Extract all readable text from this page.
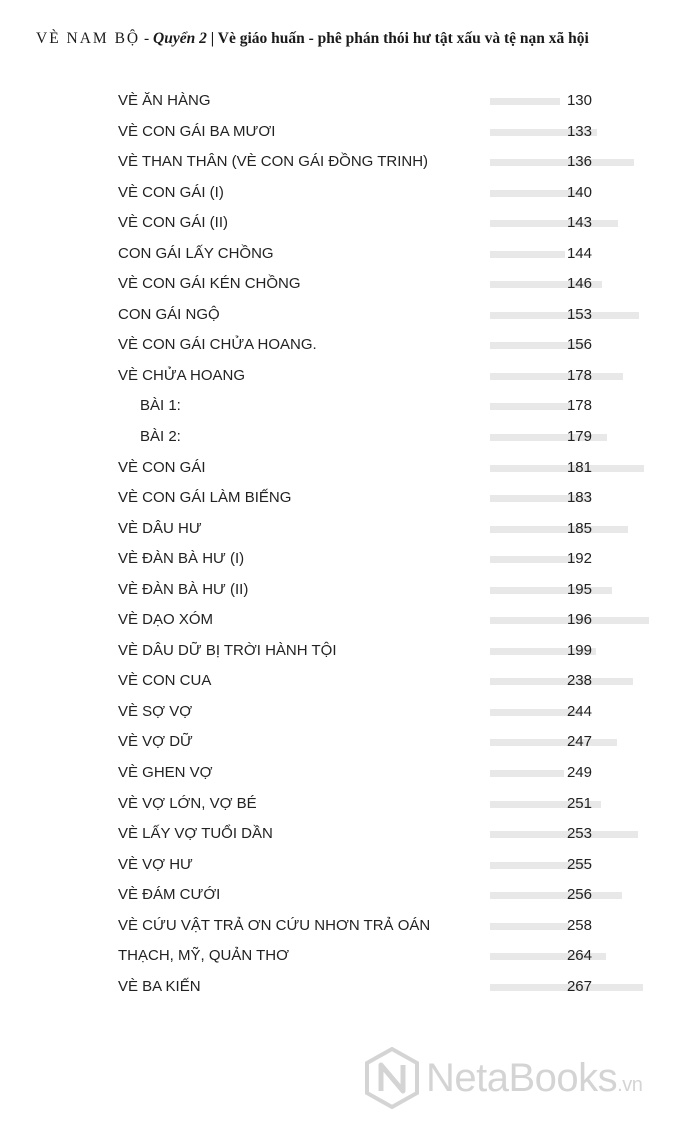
VÈ NAM BỘ - Quyển 2 | Vè giáo huấn - phê phán thói hư tật xấu và tệ nạn xã hội
VÈ ĂN HÀNG	130
VÈ CON GÁI BA MƯƠI	133
VÈ THAN THÂN (VÈ CON GÁI ĐỒNG TRINH)	136
VÈ CON GÁI (I)	140
VÈ CON GÁI (II)	143
CON GÁI LẤY CHỒNG	144
VÈ CON GÁI KÉN CHỒNG	146
CON GÁI NGỘ	153
VÈ CON GÁI CHỬA HOANG.	156
VÈ CHỬA HOANG	178
BÀI 1:	178
BÀI 2:	179
VÈ CON GÁI	181
VÈ CON GÁI LÀM BIẾNG	183
VÈ DÂU HƯ	185
VÈ ĐÀN BÀ HƯ (I)	192
VÈ ĐÀN BÀ HƯ (II)	195
VÈ DẠO XÓM	196
VÈ DÂU DỮ BỊ TRỜI HÀNH TỘI	199
VÈ CON CUA	238
VÈ SỢ VỢ	244
VÈ VỢ DỮ	247
VÈ GHEN VỢ	249
VÈ VỢ LỚN, VỢ BÉ	251
VÈ LẤY VỢ TUỔI DẦN	253
VÈ VỢ HƯ	255
VÈ ĐÁM CƯỚI	256
VÈ CỨU VẬT TRẢ ƠN CỨU NHƠN TRẢ OÁN	258
THẠCH, MỸ, QUẢN THƠ	264
VÈ BA KIẾN	267
NetaBooks.vn
